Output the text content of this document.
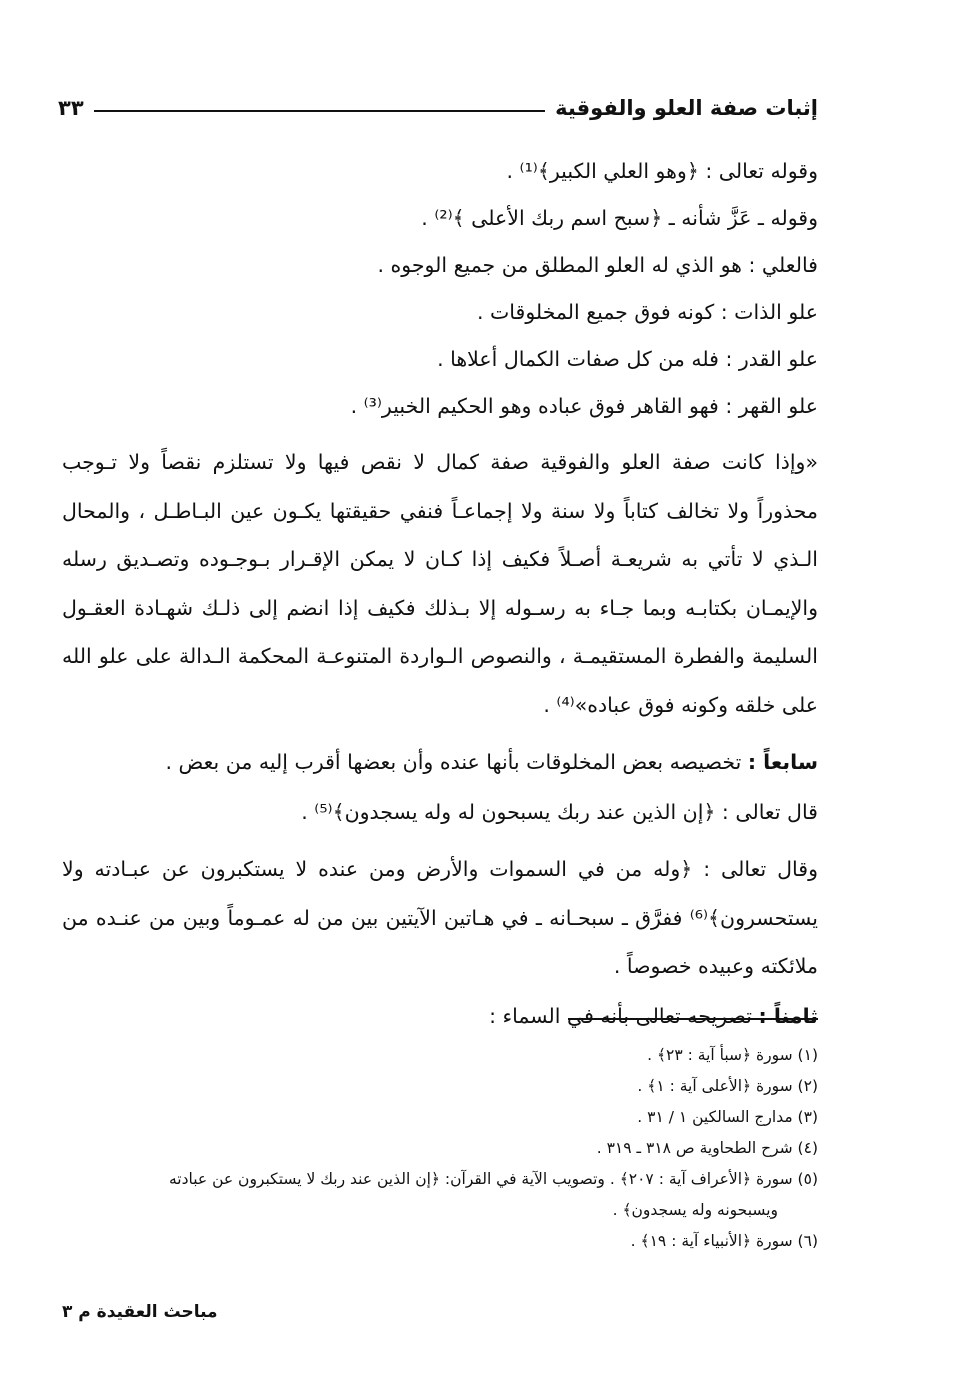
إثبات صفة العلو والفوقية
٣٣
وقوله تعالى : ﴿وهو العلي الكبير﴾⁽¹⁾ .
وقوله ـ عَزَّ شأنه ـ ﴿سبح اسم ربك الأعلى ﴾⁽²⁾ .
فالعلي : هو الذي له العلو المطلق من جميع الوجوه .
علو الذات : كونه فوق جميع المخلوقات .
علو القدر : فله من كل صفات الكمال أعلاها .
علو القهر : فهو القاهر فوق عباده وهو الحكيم الخبير⁽³⁾ .
«وإذا كانت صفة العلو والفوقية صفة كمال لا نقص فيها ولا تستلزم نقصاً ولا تـوجب
محذوراً ولا تخالف كتاباً ولا سنة ولا إجماعـاً فنفي حقيقتها يكـون عين البـاطـل ، والمحال
الـذي لا تأتي به شريعـة أصـلاً فكيف إذا كـان لا يمكن الإقـرار بـوجـوده وتصـديق رسله
والإيمـان بكتابـه وبما جـاء به رسـوله إلا بـذلك فكيف إذا انضم إلى ذلـك شهـادة العقـول
السليمة والفطرة المستقيمـة ، والنصوص الـواردة المتنوعـة المحكمة الـدالة على علو الله
على خلقه وكونه فوق عباده»⁽⁴⁾ .
سابعاً : تخصيصه بعض المخلوقات بأنها عنده وأن بعضها أقرب إليه من بعض .
قال تعالى : ﴿إن الذين عند ربك يسبحون له وله يسجدون﴾⁽⁵⁾ .
وقال تعالى : ﴿وله من في السموات والأرض ومن عنده لا يستكبرون عن عبـادته ولا
يستحسرون﴾⁽⁶⁾ ففرَّق ـ سبحـانه ـ في هـاتين الآيتين بين من له عمـوماً وبين من عنـده من
ملائكته وعبيده خصوصاً .
ثامناً : تصريحه تعالى بأنه في السماء :
(١) سورة ﴿سبأ آية : ٢٣﴾ .
(٢) سورة ﴿الأعلى آية : ١﴾ .
(٣) مدارج السالكين ١ / ٣١ .
(٤) شرح الطحاوية ص ٣١٨ ـ ٣١٩ .
(٥) سورة ﴿الأعراف آية : ٢٠٧﴾ . وتصويب الآية في القرآن: ﴿إن الذين عند ربك لا يستكبرون عن عبادته
ويسبحونه وله يسجدون﴾ .
(٦) سورة ﴿الأنبياء آية : ١٩﴾ .
مباحث العقيدة م ٣
